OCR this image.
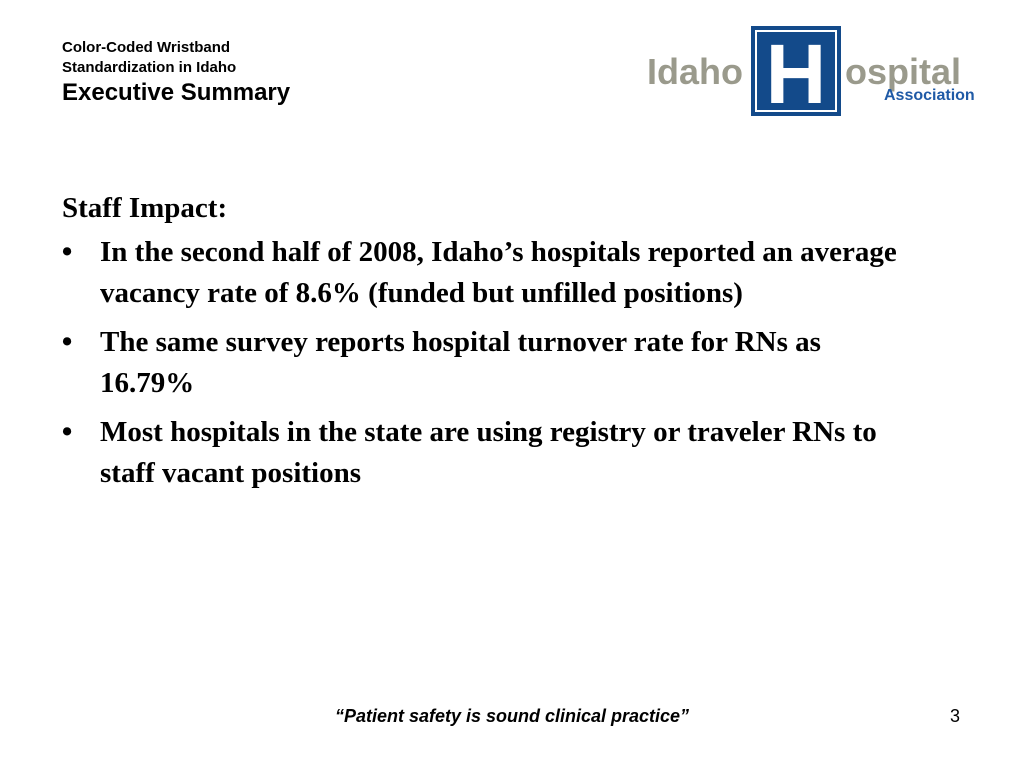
Color-Coded Wristband
Standardization in Idaho
Executive Summary
Idaho H ospital
Association
Staff Impact:
• In the second half of 2008, Idaho’s hospitals reported an average vacancy rate of 8.6% (funded but unfilled positions)
• The same survey reports hospital turnover rate for RNs as 16.79%
• Most hospitals in the state are using registry or traveler RNs to staff vacant positions
“Patient safety is sound clinical practice”	3
